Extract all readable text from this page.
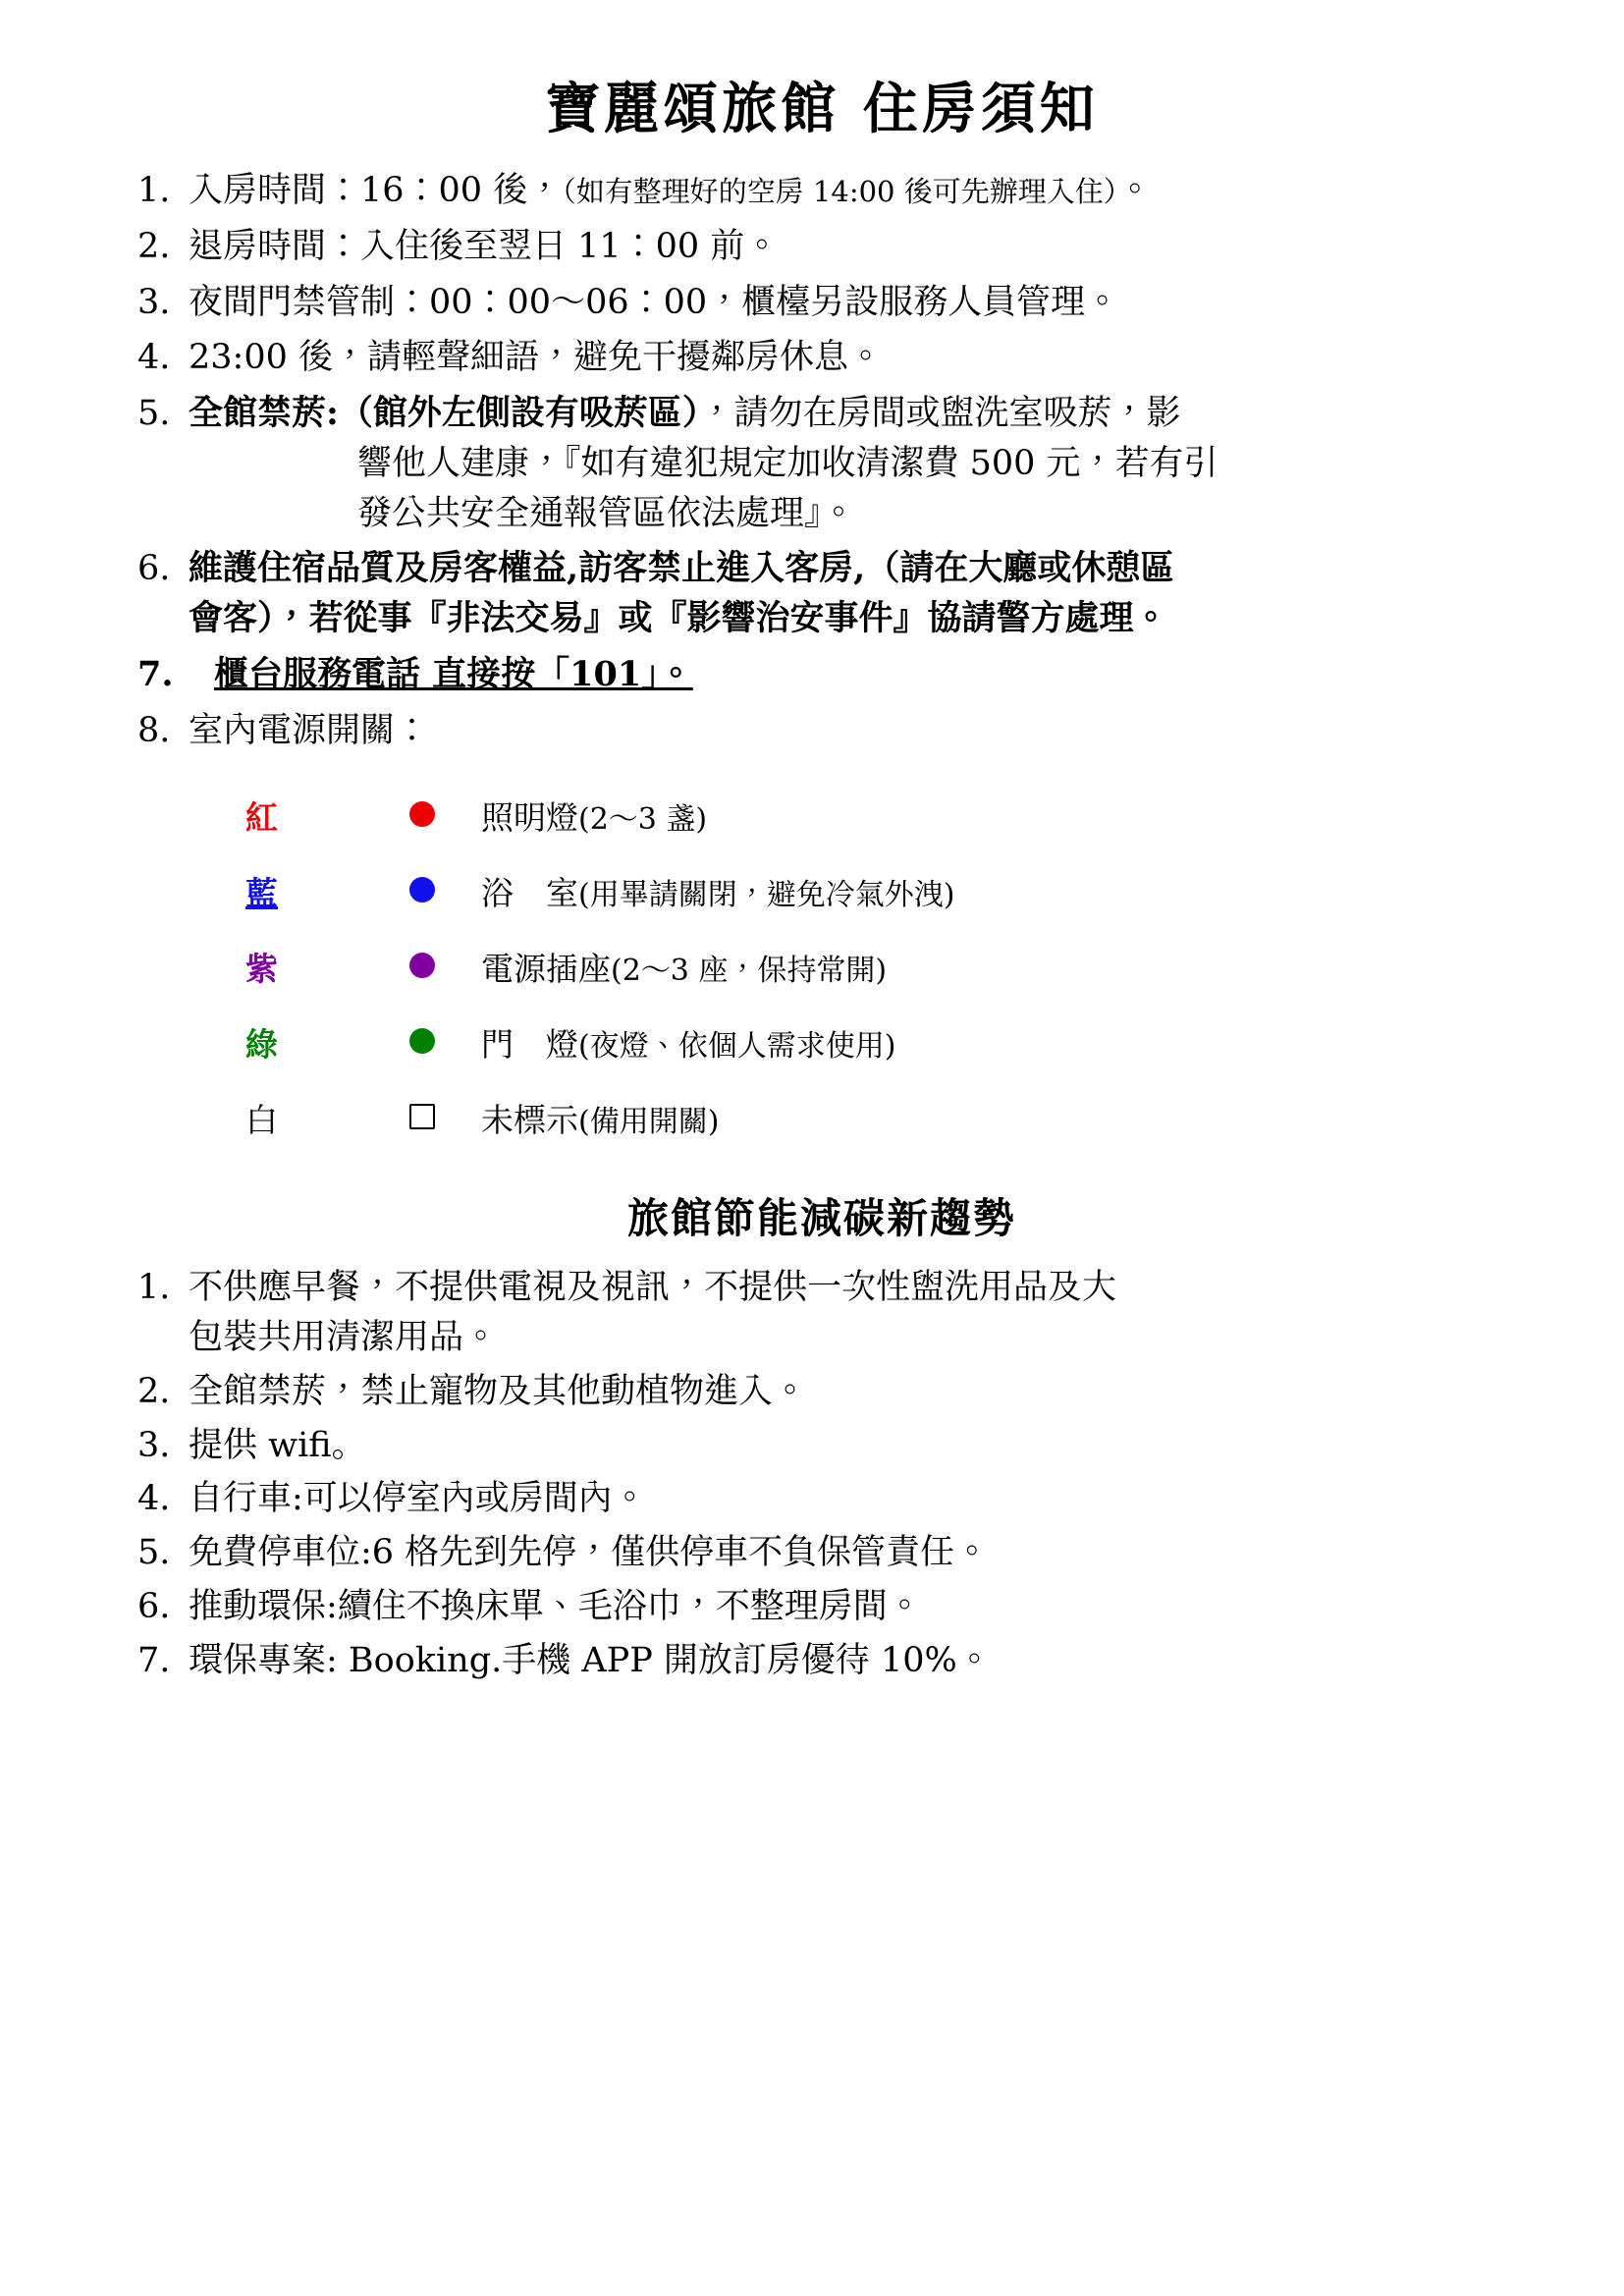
寶麗頌旅館 住房須知
1. 入房時間：16：00 後，（如有整理好的空房 14:00 後可先辦理入住）。
2. 退房時間：入住後至翌日 11：00 前。
3. 夜間門禁管制：00：00～06：00，櫃檯另設服務人員管理。
4. 23:00 後，請輕聲細語，避免干擾鄰房休息。
5. 全館禁菸:（館外左側設有吸菸區），請勿在房間或盥洗室吸菸，影
響他人建康，『如有違犯規定加收清潔費 500 元，若有引
發公共安全通報管區依法處理』。
6. 維護住宿品質及房客權益,訪客禁止進入客房,（請在大廳或休憩區
會客），若從事『非法交易』或『影響治安事件』協請警方處理。
7.	櫃台服務電話 直接按「101」。
8. 室內電源開關：
紅		照明燈(2～3 盞)
藍		浴　室(用畢請關閉，避免冷氣外洩)
紫		電源插座(2～3 座，保持常開)
綠		門　燈(夜燈、依個人需求使用)
白		未標示(備用開關)
旅館節能減碳新趨勢
1. 不供應早餐，不提供電視及視訊，不提供一次性盥洗用品及大
包裝共用清潔用品。
2. 全館禁菸，禁止寵物及其他動植物進入。
3. 提供 wifi。
4. 自行車:可以停室內或房間內。
5. 免費停車位:6 格先到先停，僅供停車不負保管責任。
6. 推動環保:續住不換床單、毛浴巾，不整理房間。
7. 環保專案: Booking.手機 APP 開放訂房優待 10%。
